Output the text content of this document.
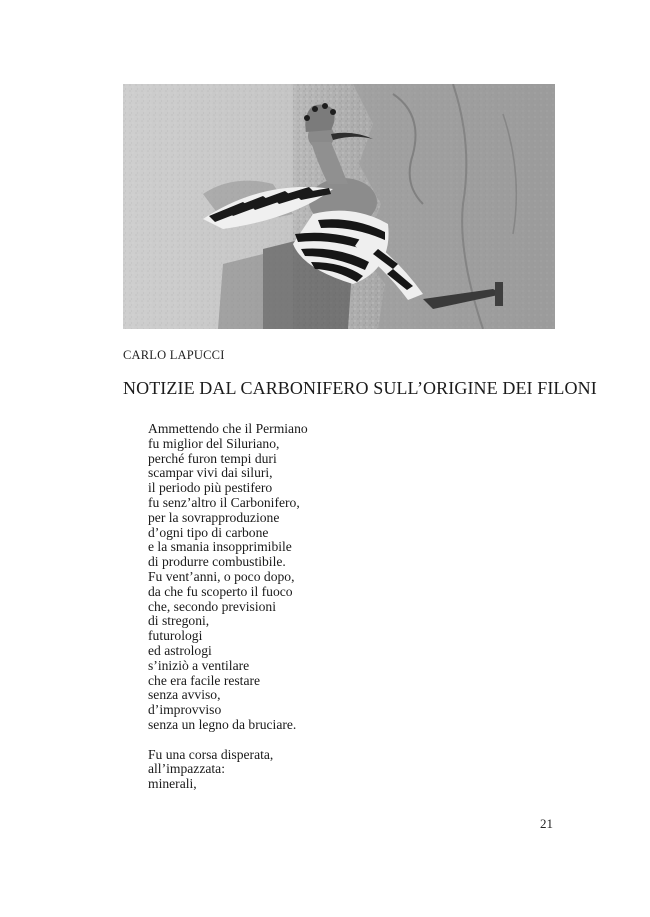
CARLO LAPUCCI
NOTIZIE DAL CARBONIFERO SULL’ORIGINE DEI FILONI
Ammettendo che il Permiano
fu miglior del Siluriano,
perché furon tempi duri
scampar vivi dai siluri,
il periodo più pestifero
fu senz’altro il Carbonifero,
per la sovrapproduzione
d’ogni tipo di carbone
e la smania insopprimibile
di produrre combustibile.
Fu vent’anni, o poco dopo,
da che fu scoperto il fuoco
che, secondo previsioni
di stregoni,
futurologi
ed astrologi
s’iniziò a ventilare
che era facile restare
senza avviso,
d’improvviso
senza un legno da bruciare.
Fu una corsa disperata,
all’impazzata:
minerali,
21
